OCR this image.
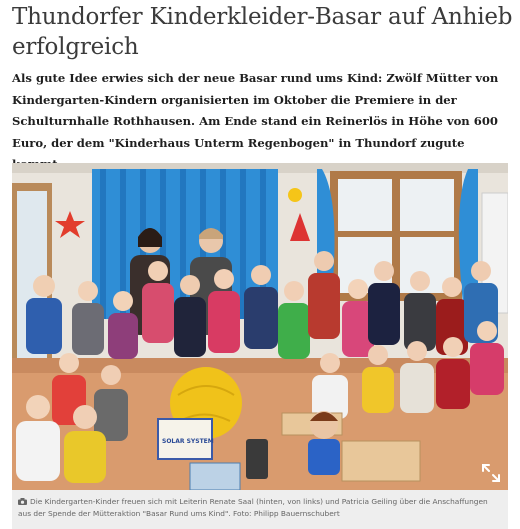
Thundorfer Kinderkleider-Basar auf Anhieb erfolgreich

Als gute Idee erwies sich der neue Basar rund ums Kind: Zwölf Mütter von Kindergarten-Kindern organisierten im Oktober die Premiere in der Schulturnhalle Rothhausen. Am Ende stand ein Reinerlös in Höhe von 600 Euro, der dem "Kinderhaus Unterm Regenbogen" in Thundorf zugute

SOLAR SYSTEM
Die Kindergarten-Kinder freuen sich mit Leiterin Renate Saal (hinten, von links) und Patricia Geiling über die Anschaffungen aus der Spende der Mütteraktion "Basar Rund ums Kind". Foto: Philipp Bauernschubert
